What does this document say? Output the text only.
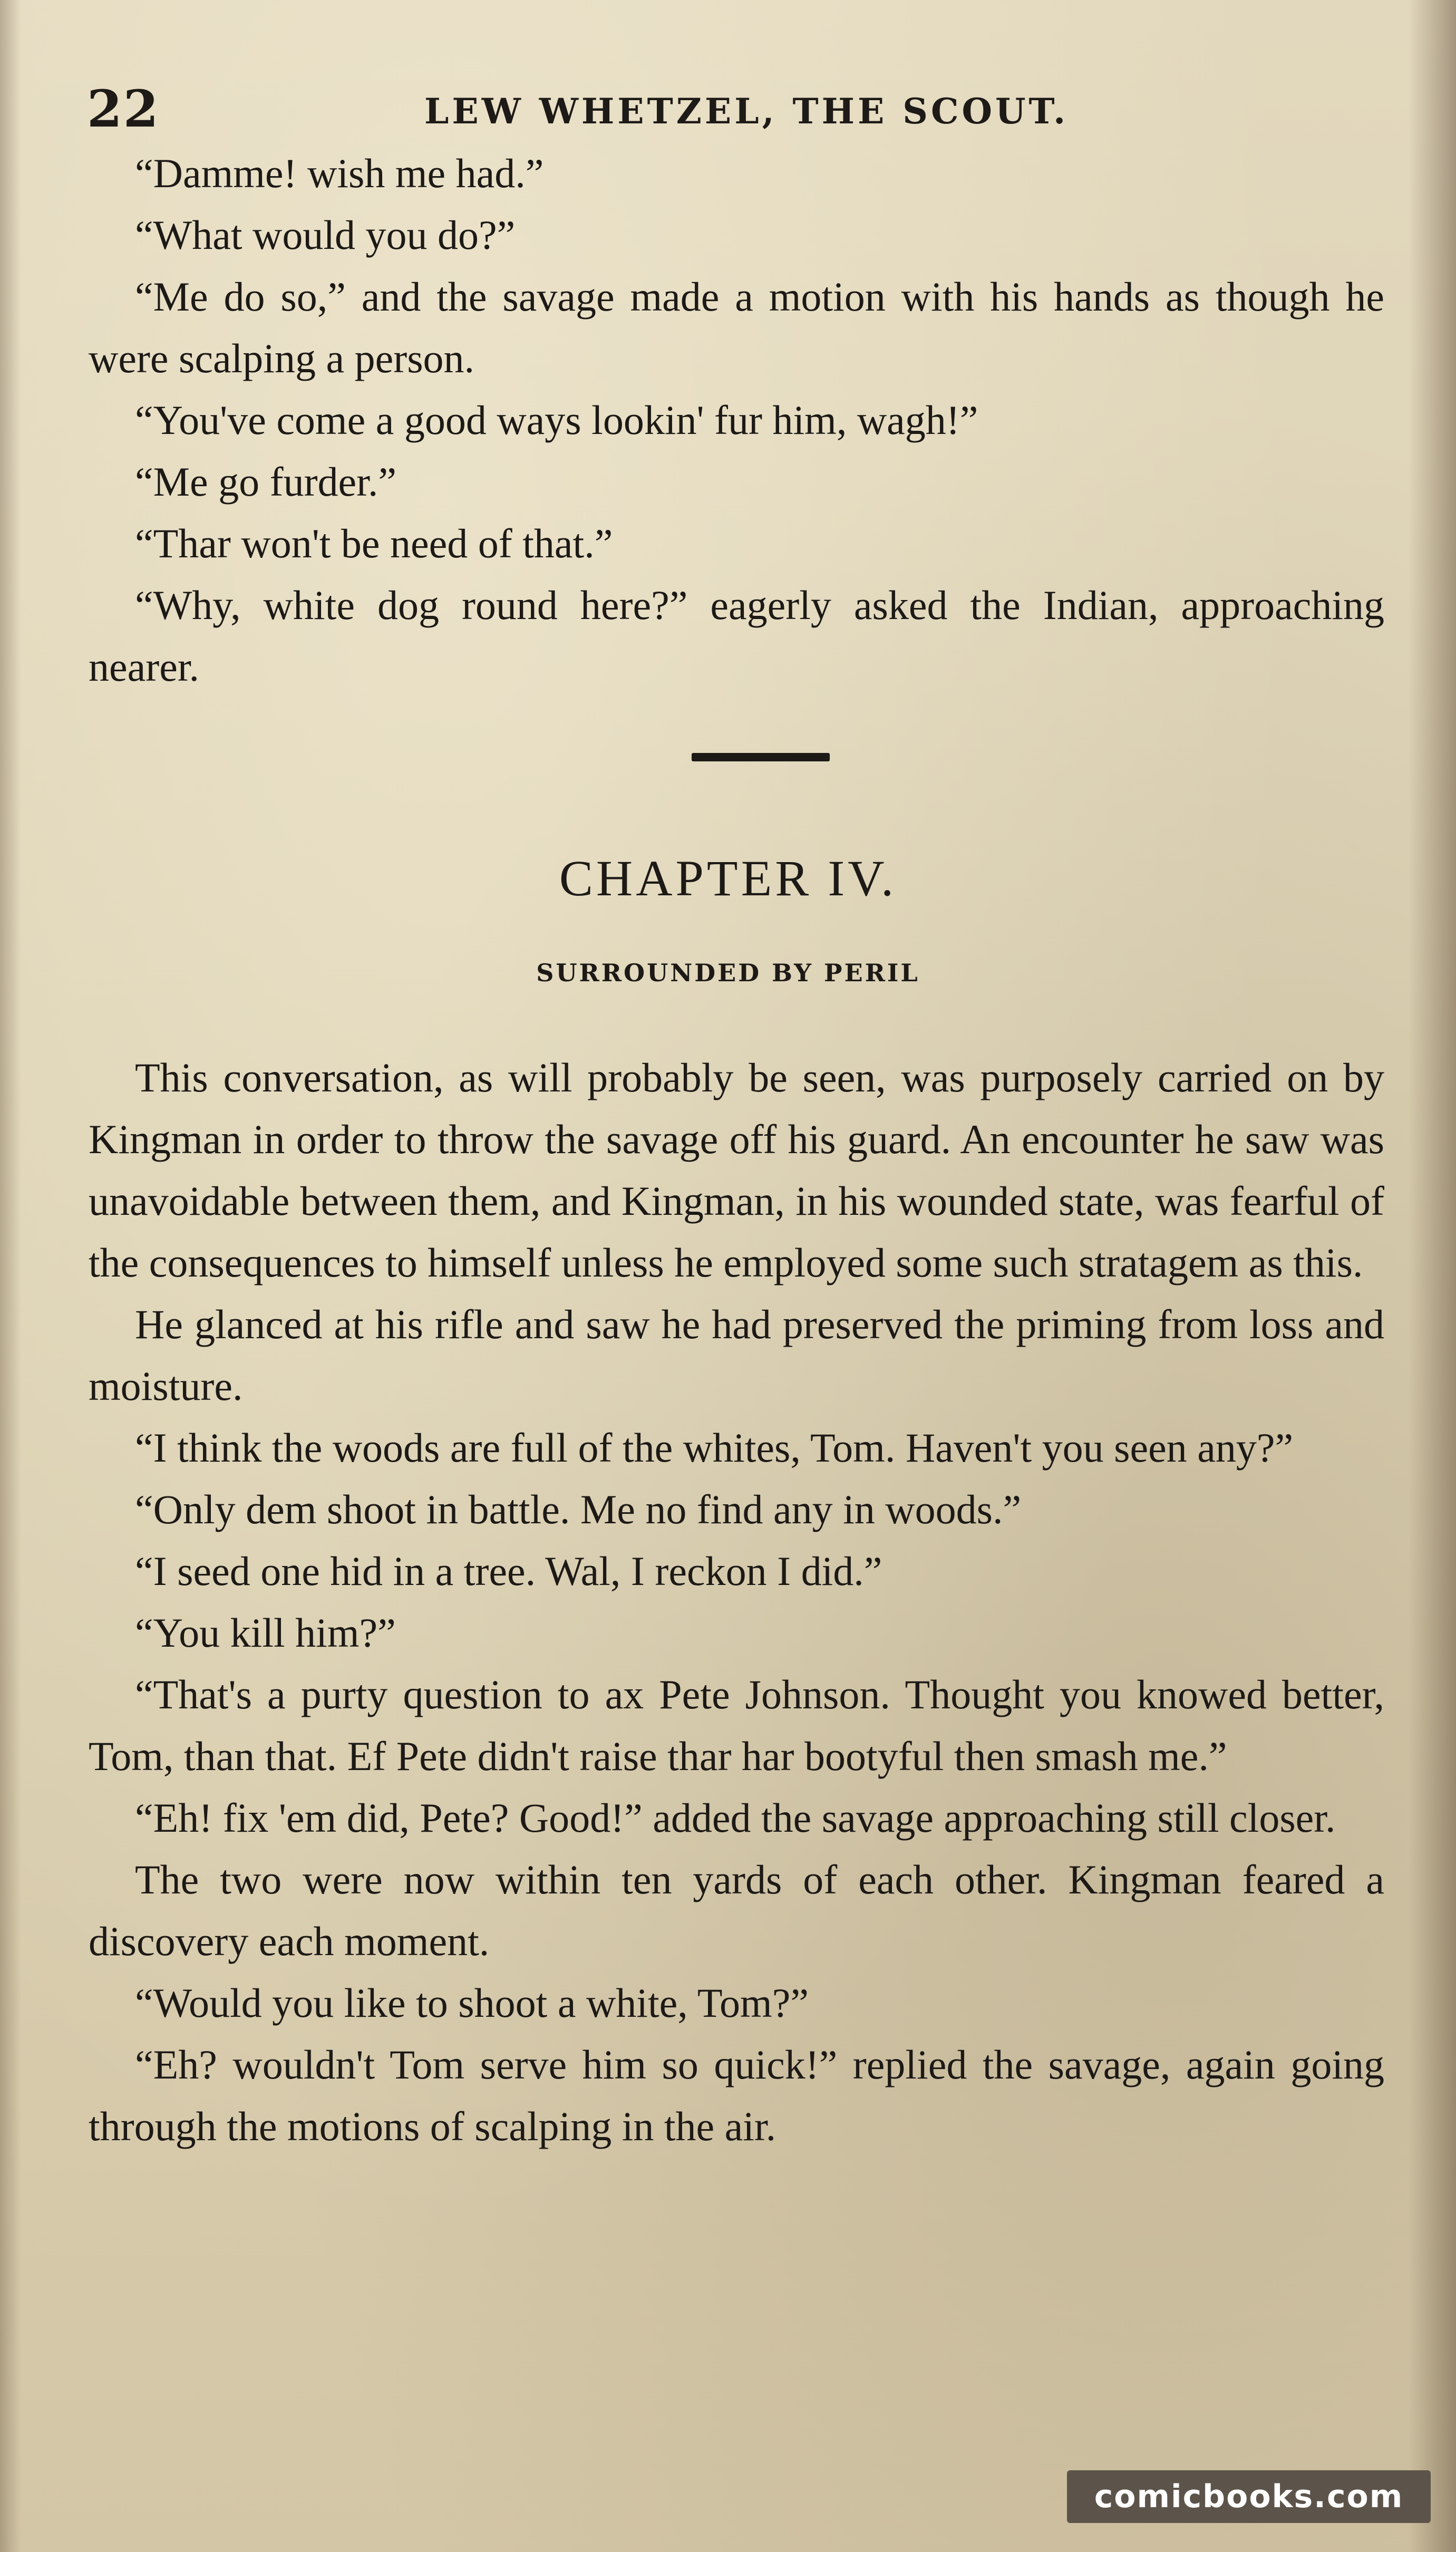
22	LEW WHETZEL, THE SCOUT.

“Damme! wish me had.”

“What would you do?”

“Me do so,” and the savage made a motion with his hands as though he were scalping a person.

“You've come a good ways lookin' fur him, wagh!”

“Me go furder.”

“Thar won't be need of that.”

“Why, white dog round here?” eagerly asked the Indian, approaching nearer.

CHAPTER IV.
SURROUNDED BY PERIL

This conversation, as will probably be seen, was purposely carried on by Kingman in order to throw the savage off his guard. An encounter he saw was unavoidable between them, and Kingman, in his wounded state, was fearful of the consequences to himself unless he employed some such stratagem as this.

He glanced at his rifle and saw he had preserved the priming from loss and moisture.

“I think the woods are full of the whites, Tom. Haven't you seen any?”

“Only dem shoot in battle. Me no find any in woods.”

“I seed one hid in a tree. Wal, I reckon I did.”

“You kill him?”

“That's a purty question to ax Pete Johnson. Thought you knowed better, Tom, than that. Ef Pete didn't raise thar har bootyful then smash me.”

“Eh! fix 'em did, Pete? Good!” added the savage approaching still closer.

The two were now within ten yards of each other. Kingman feared a discovery each moment.

“Would you like to shoot a white, Tom?”

“Eh? wouldn't Tom serve him so quick!” replied the savage, again going through the motions of scalping in the air.

comicbooks.com
